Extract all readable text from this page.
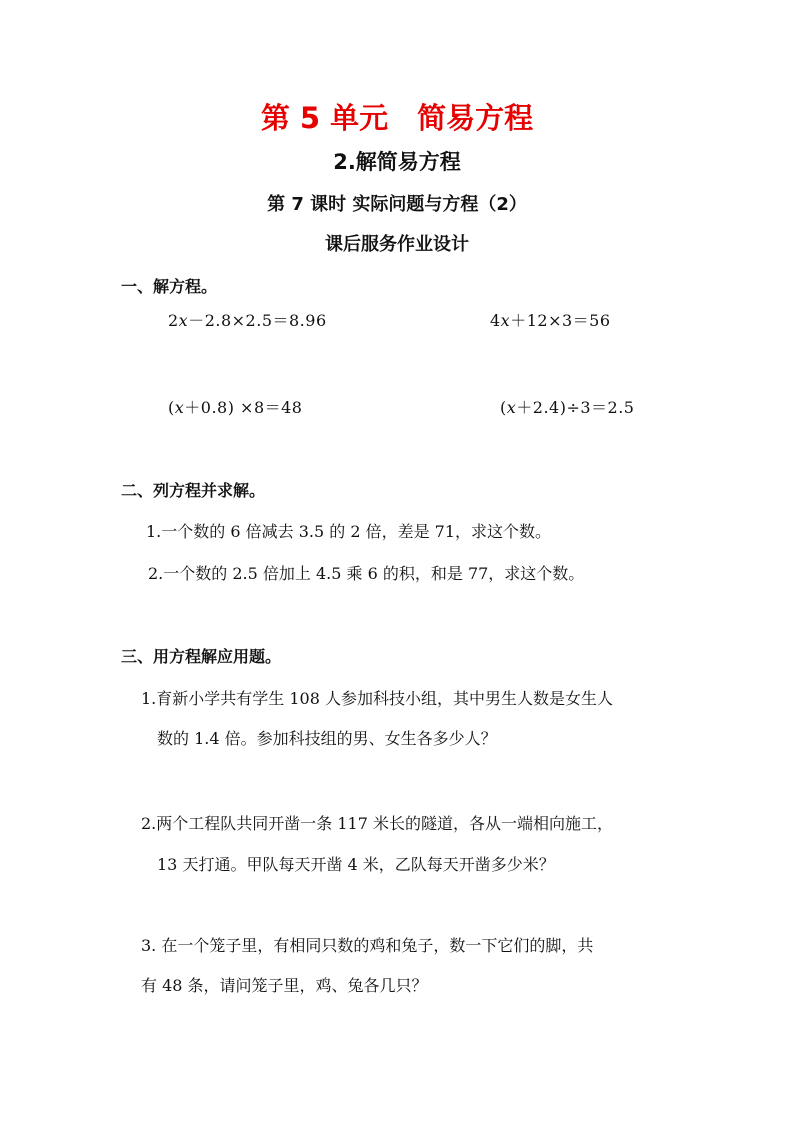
第 5 单元　简易方程
2.解简易方程
第 7 课时 实际问题与方程（2）
课后服务作业设计
一、解方程。
2𝑥－2.8×2.5＝8.96	4𝑥＋12×3＝56
(𝑥＋0.8) ×8＝48	(𝑥＋2.4)÷3＝2.5
二、列方程并求解。
1.一个数的 6 倍减去 3.5 的 2 倍，差是 71，求这个数。
2.一个数的 2.5 倍加上 4.5 乘 6 的积，和是 77，求这个数。
三、用方程解应用题。
1.育新小学共有学生 108 人参加科技小组，其中男生人数是女生人
数的 1.4 倍。参加科技组的男、女生各多少人？
2.两个工程队共同开凿一条 117 米长的隧道，各从一端相向施工，
13 天打通。甲队每天开凿 4 米，乙队每天开凿多少米？
3. 在一个笼子里，有相同只数的鸡和兔子，数一下它们的脚，共
有 48 条，请问笼子里，鸡、兔各几只？
